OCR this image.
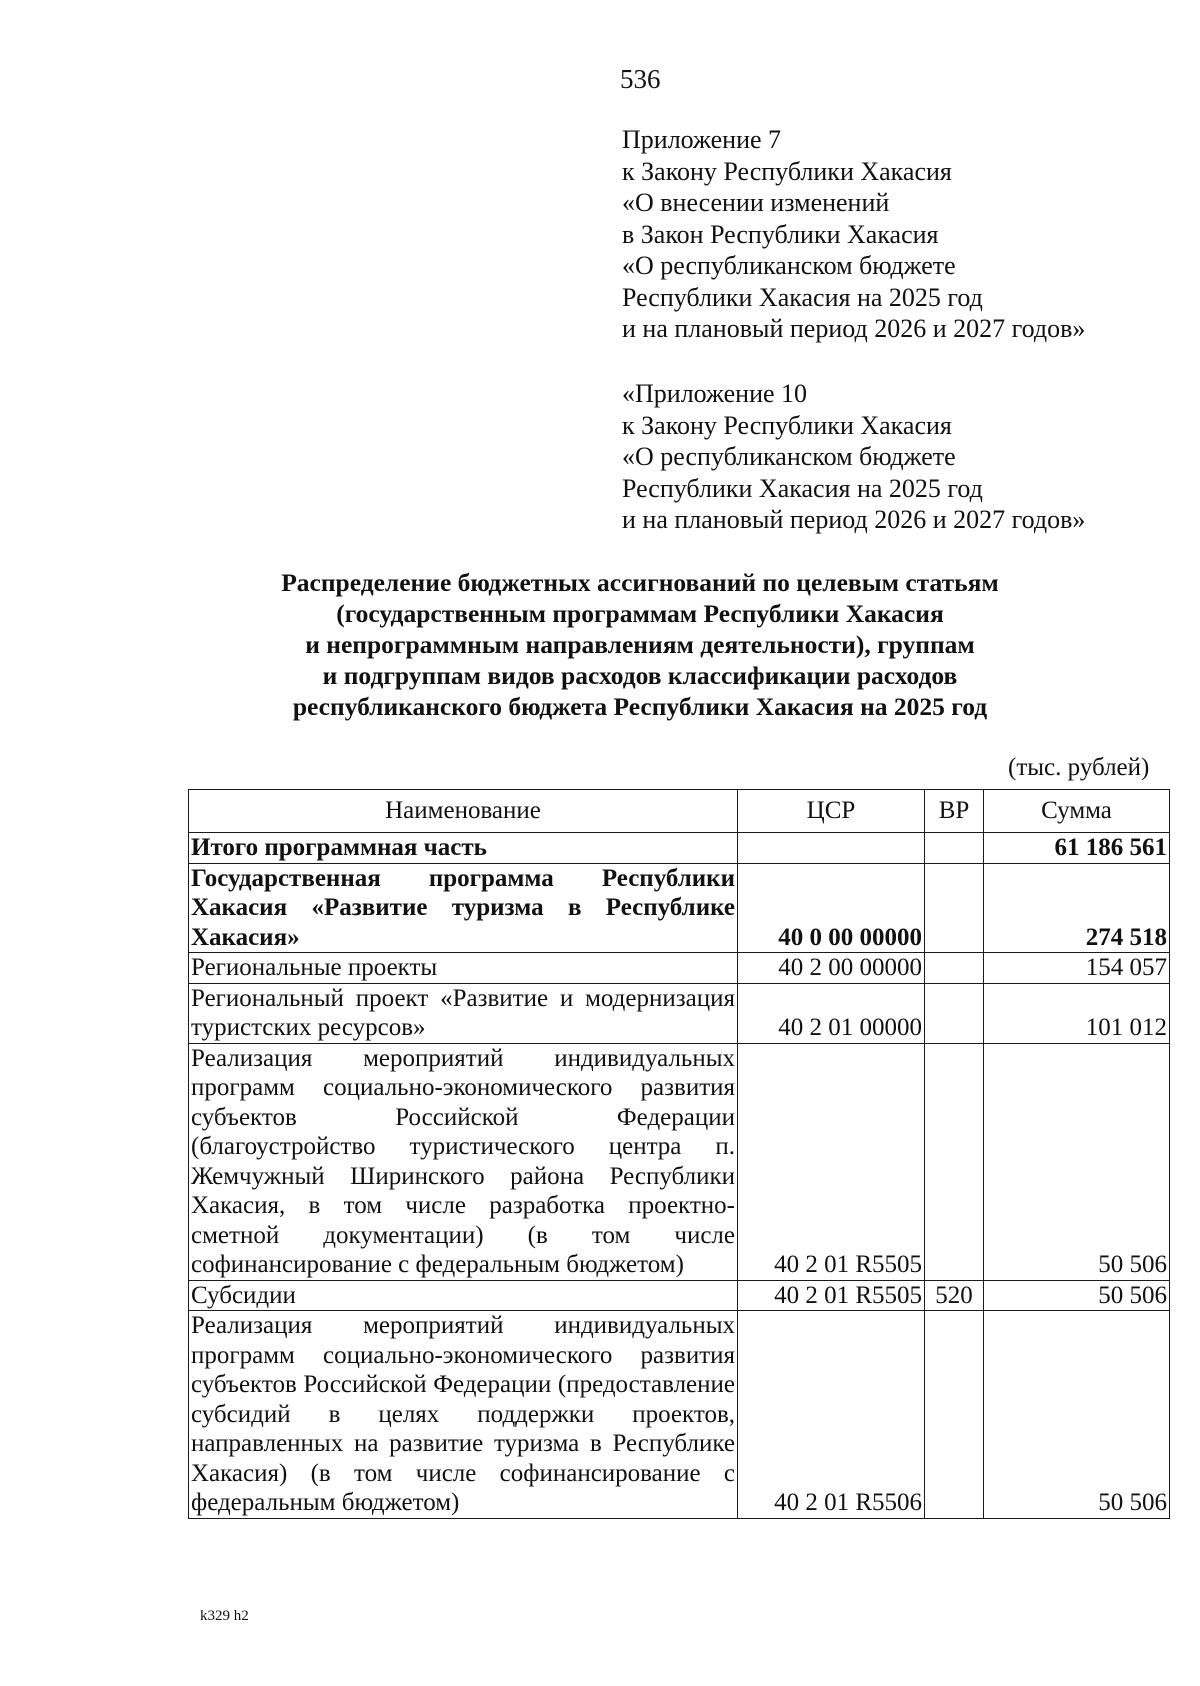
536
Приложение 7
к Закону Республики Хакасия
«О внесении изменений
в Закон Республики Хакасия
«О республиканском бюджете
Республики Хакасия на 2025 год
и на плановый период 2026 и 2027 годов»
«Приложение 10
к Закону Республики Хакасия
«О республиканском бюджете
Республики Хакасия на 2025 год
и на плановый период 2026 и 2027 годов»
Распределение бюджетных ассигнований по целевым статьям
(государственным программам Республики Хакасия
и непрограммным направлениям деятельности), группам
и подгруппам видов расходов классификации расходов
республиканского бюджета Республики Хакасия на 2025 год
(тыс. рублей)
Наименование	ЦСР	ВР	Сумма
Итого программная часть			61 186 561
Государственная программа Республики Хакасия «Развитие туризма в Республике Хакасия»	40 0 00 00000		274 518
Региональные проекты	40 2 00 00000		154 057
Региональный проект «Развитие и модернизация туристских ресурсов»	40 2 01 00000		101 012
Реализация мероприятий индивидуальных программ социально-экономического развития субъектов Российской Федерации (благоустройство туристического центра п. Жемчужный Ширинского района Республики Хакасия, в том числе разработка проектно-сметной документации) (в том числе софинансирование с федеральным бюджетом)	40 2 01 R5505		50 506
Субсидии	40 2 01 R5505	520	50 506
Реализация мероприятий индивидуальных программ социально-экономического развития субъектов Российской Федерации (предоставление субсидий в целях поддержки проектов, направленных на развитие туризма в Республике Хакасия) (в том числе софинансирование с федеральным бюджетом)	40 2 01 R5506		50 506
k329 h2
